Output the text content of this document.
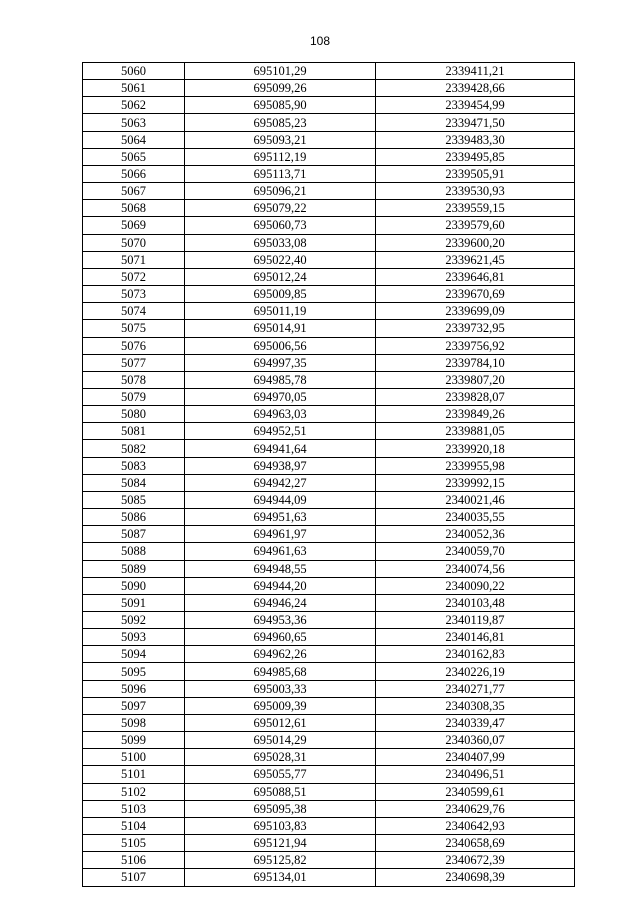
108
5060	695101,29	2339411,21
5061	695099,26	2339428,66
5062	695085,90	2339454,99
5063	695085,23	2339471,50
5064	695093,21	2339483,30
5065	695112,19	2339495,85
5066	695113,71	2339505,91
5067	695096,21	2339530,93
5068	695079,22	2339559,15
5069	695060,73	2339579,60
5070	695033,08	2339600,20
5071	695022,40	2339621,45
5072	695012,24	2339646,81
5073	695009,85	2339670,69
5074	695011,19	2339699,09
5075	695014,91	2339732,95
5076	695006,56	2339756,92
5077	694997,35	2339784,10
5078	694985,78	2339807,20
5079	694970,05	2339828,07
5080	694963,03	2339849,26
5081	694952,51	2339881,05
5082	694941,64	2339920,18
5083	694938,97	2339955,98
5084	694942,27	2339992,15
5085	694944,09	2340021,46
5086	694951,63	2340035,55
5087	694961,97	2340052,36
5088	694961,63	2340059,70
5089	694948,55	2340074,56
5090	694944,20	2340090,22
5091	694946,24	2340103,48
5092	694953,36	2340119,87
5093	694960,65	2340146,81
5094	694962,26	2340162,83
5095	694985,68	2340226,19
5096	695003,33	2340271,77
5097	695009,39	2340308,35
5098	695012,61	2340339,47
5099	695014,29	2340360,07
5100	695028,31	2340407,99
5101	695055,77	2340496,51
5102	695088,51	2340599,61
5103	695095,38	2340629,76
5104	695103,83	2340642,93
5105	695121,94	2340658,69
5106	695125,82	2340672,39
5107	695134,01	2340698,39
